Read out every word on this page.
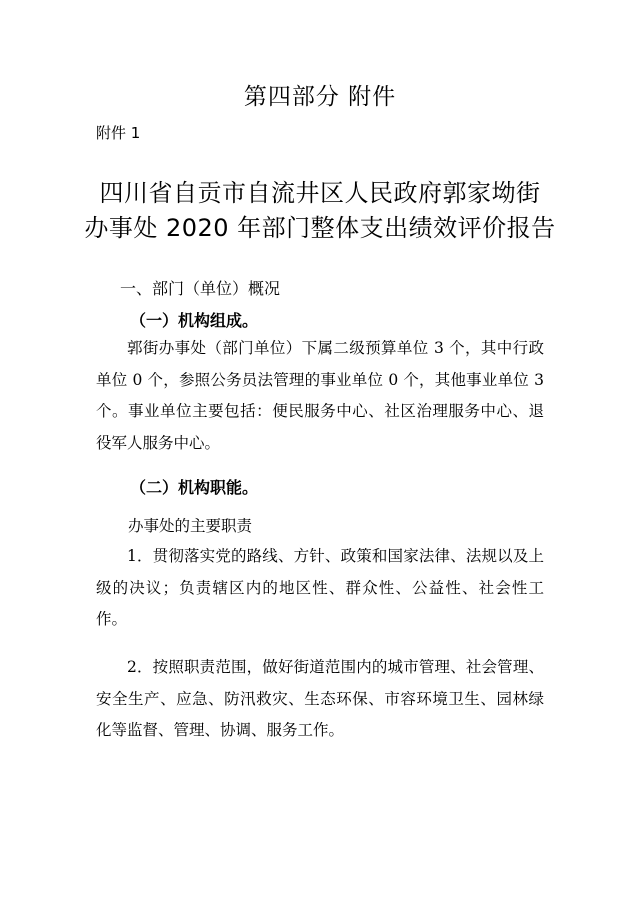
第四部分 附件
附件 1
四川省自贡市自流井区人民政府郭家坳街
办事处 2020 年部门整体支出绩效评价报告
一、部门（单位）概况
（一）机构组成。

郭街办事处（部门单位）下属二级预算单位 3 个，其中行政单位 0 个，参照公务员法管理的事业单位 0 个，其他事业单位 3 个。事业单位主要包括：便民服务中心、社区治理服务中心、退役军人服务中心。

（二）机构职能。
办事处的主要职责

1．贯彻落实党的路线、方针、政策和国家法律、法规以及上级的决议；负责辖区内的地区性、群众性、公益性、社会性工作。

2．按照职责范围，做好街道范围内的城市管理、社会管理、安全生产、应急、防汛救灾、生态环保、市容环境卫生、园林绿化等监督、管理、协调、服务工作。
